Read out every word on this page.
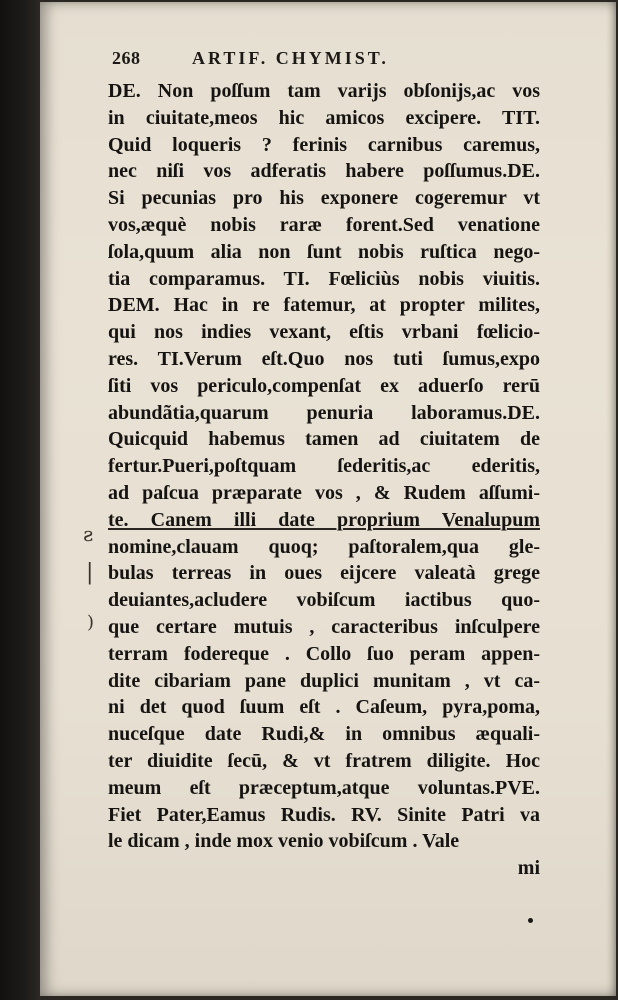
268	ARTIF. CHYMIST.
DE. Non poſſum tam varijs obſonijs,ac vos
in ciuitate,meos hic amicos excipere. TIT.
Quid loqueris ? ferinis carnibus caremus,
nec niſi vos adferatis habere poſſumus.DE.
Si pecunias pro his exponere cogeremur vt
vos,æquè nobis raræ forent.Sed venatione
ſola,quum alia non ſunt nobis ruſtica nego-
tia comparamus. TI. Fœliciùs nobis viuitis.
DEM. Hac in re fatemur, at propter milites,
qui nos indies vexant, eſtis vrbani fœlicio-
res. TI.Verum eſt.Quo nos tuti ſumus,expo
ſiti vos periculo,compenſat ex aduerſo rerū
abundãtia,quarum penuria laboramus.DE.
Quicquid habemus tamen ad ciuitatem de
fertur.Pueri,poſtquam ſederitis,ac ederitis,
ad paſcua præparate vos , & Rudem aſſumi-
te. Canem illi date proprium Venalupum
nomine,clauam quoq; paſtoralem,qua gle-
bulas terreas in oues eijcere valeatà grege
deuiantes,acludere vobiſcum iactibus quo-
que certare mutuis , caracteribus inſculpere
terram fodereque . Collo ſuo peram appen-
dite cibariam pane duplici munitam , vt ca-
ni det quod ſuum eſt . Caſeum, pyra,poma,
nuceſque date Rudi,& in omnibus æquali-
ter diuidite ſecū, & vt fratrem diligite. Hoc
meum eſt præceptum,atque voluntas.PVE.
Fiet Pater,Eamus Rudis. RV. Sinite Patri va
le dicam , inde mox venio vobiſcum . Vale
mi
ƨ
|
)
